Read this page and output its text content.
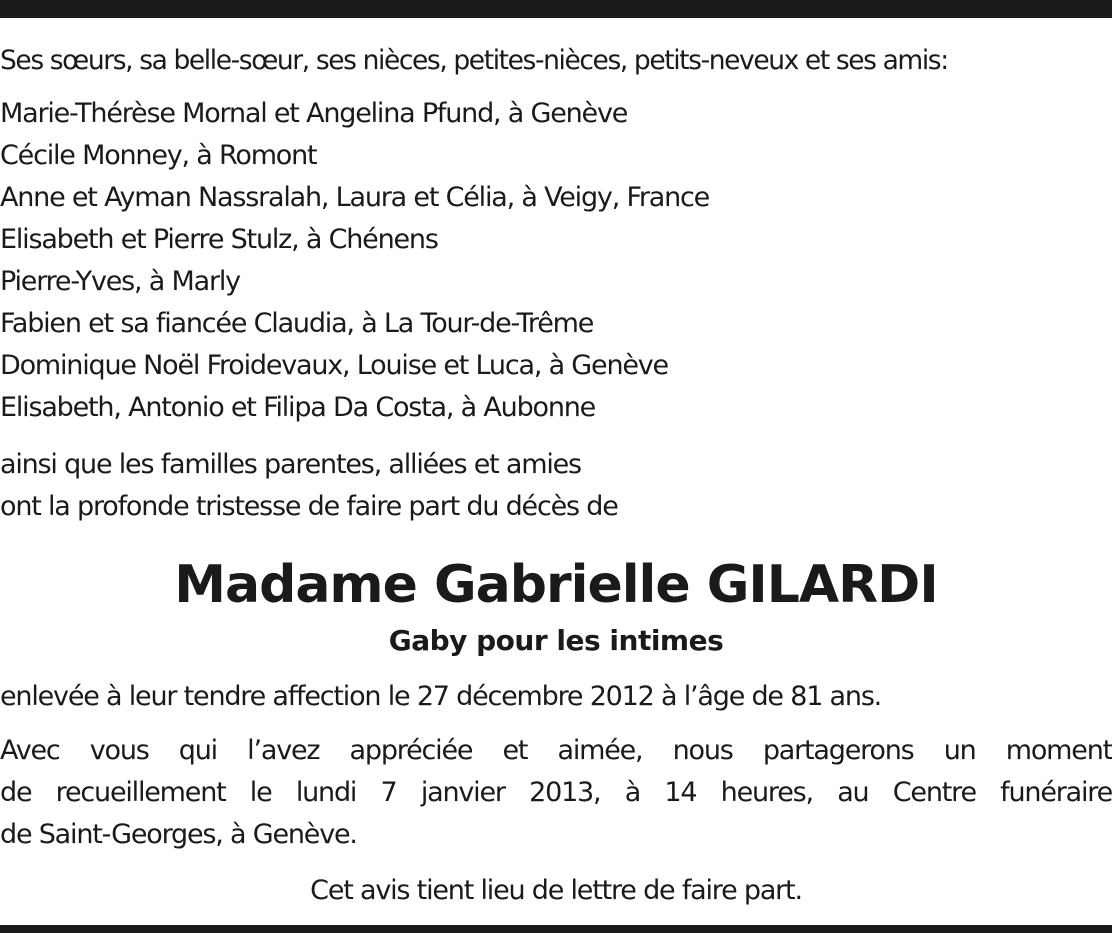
Ses sœurs, sa belle-sœur, ses nièces, petites-nièces, petits-neveux et ses amis:
Marie-Thérèse Mornal et Angelina Pfund, à Genève
Cécile Monney, à Romont
Anne et Ayman Nassralah, Laura et Célia, à Veigy, France
Elisabeth et Pierre Stulz, à Chénens
Pierre-Yves, à Marly
Fabien et sa fiancée Claudia, à La Tour-de-Trême
Dominique Noël Froidevaux, Louise et Luca, à Genève
Elisabeth, Antonio et Filipa Da Costa, à Aubonne
ainsi que les familles parentes, alliées et amies
ont la profonde tristesse de faire part du décès de
Madame Gabrielle GILARDI
Gaby pour les intimes
enlevée à leur tendre affection le 27 décembre 2012 à l’âge de 81 ans.
Avec vous qui l’avez appréciée et aimée, nous partagerons un moment
de recueillement le lundi 7 janvier 2013, à 14 heures, au Centre funéraire
de Saint-Georges, à Genève.
Cet avis tient lieu de lettre de faire part.
